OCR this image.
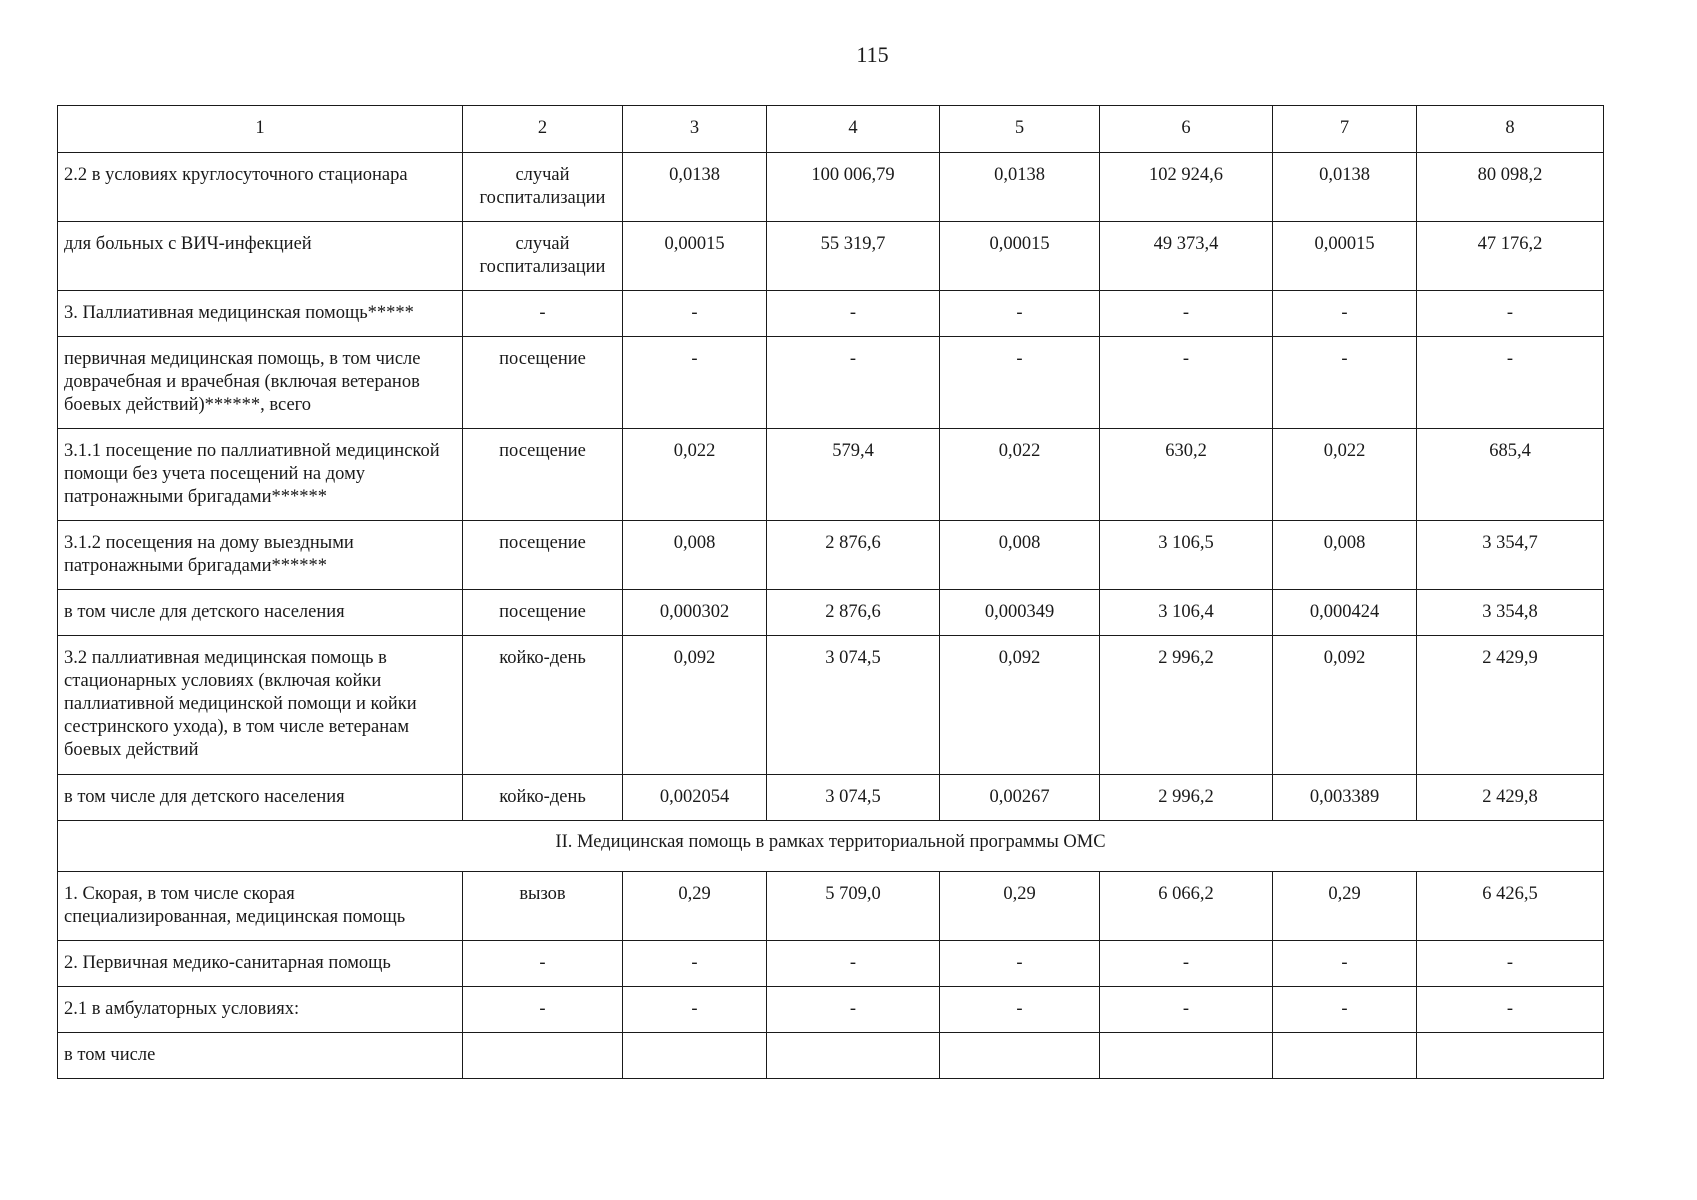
115
1	2	3	4	5	6	7	8
2.2 в условиях круглосуточного стационара	случай госпитализации	0,0138	100 006,79	0,0138	102 924,6	0,0138	80 098,2
для больных с ВИЧ-инфекцией	случай госпитализации	0,00015	55 319,7	0,00015	49 373,4	0,00015	47 176,2
3. Паллиативная медицинская помощь*****	-	-	-	-	-	-	-
первичная медицинская помощь, в том числе доврачебная и врачебная (включая ветеранов боевых действий)******, всего	посещение	-	-	-	-	-	-
3.1.1 посещение по паллиативной медицинской помощи без учета посещений на дому патронажными бригадами******	посещение	0,022	579,4	0,022	630,2	0,022	685,4
3.1.2 посещения на дому выездными патронажными бригадами******	посещение	0,008	2 876,6	0,008	3 106,5	0,008	3 354,7
в том числе для детского населения	посещение	0,000302	2 876,6	0,000349	3 106,4	0,000424	3 354,8
3.2 паллиативная медицинская помощь в стационарных условиях (включая койки паллиативной медицинской помощи и койки сестринского ухода), в том числе ветеранам боевых действий	койко-день	0,092	3 074,5	0,092	2 996,2	0,092	2 429,9
в том числе для детского населения	койко-день	0,002054	3 074,5	0,00267	2 996,2	0,003389	2 429,8
II. Медицинская помощь в рамках территориальной программы ОМС							
1. Скорая, в том числе скорая специализированная, медицинская помощь	вызов	0,29	5 709,0	0,29	6 066,2	0,29	6 426,5
2. Первичная медико-санитарная помощь	-	-	-	-	-	-	-
2.1 в амбулаторных условиях:	-	-	-	-	-	-	-
в том числе							
